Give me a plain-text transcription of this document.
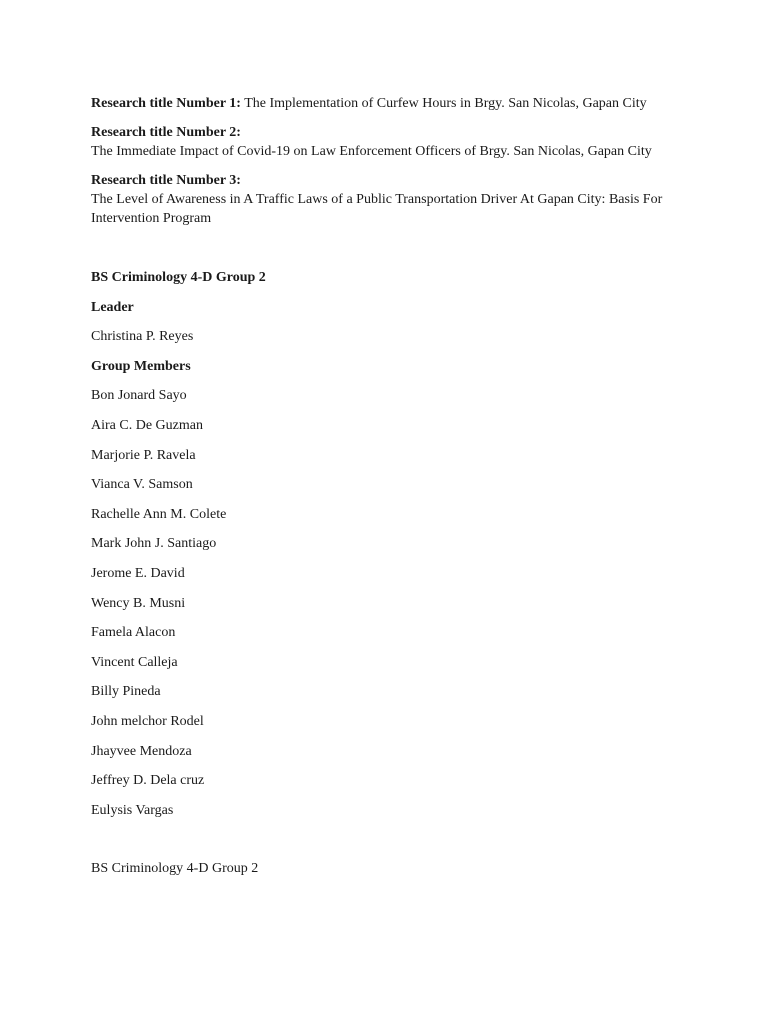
Research title Number 1: The Implementation of Curfew Hours in Brgy. San Nicolas, Gapan City
Research title Number 2:
The Immediate Impact of Covid-19 on Law Enforcement Officers of Brgy. San Nicolas, Gapan City
Research title Number 3:
The Level of Awareness in A Traffic Laws of a Public Transportation Driver At Gapan City: Basis For Intervention Program
BS Criminology 4-D Group 2
Leader
Christina P. Reyes
Group Members
Bon Jonard Sayo
Aira C. De Guzman
Marjorie P. Ravela
Vianca V. Samson
Rachelle Ann M. Colete
Mark John J. Santiago
Jerome E. David
Wency B. Musni
Famela Alacon
Vincent Calleja
Billy Pineda
John melchor Rodel
Jhayvee Mendoza
Jeffrey D. Dela cruz
Eulysis Vargas
BS Criminology 4-D Group 2
